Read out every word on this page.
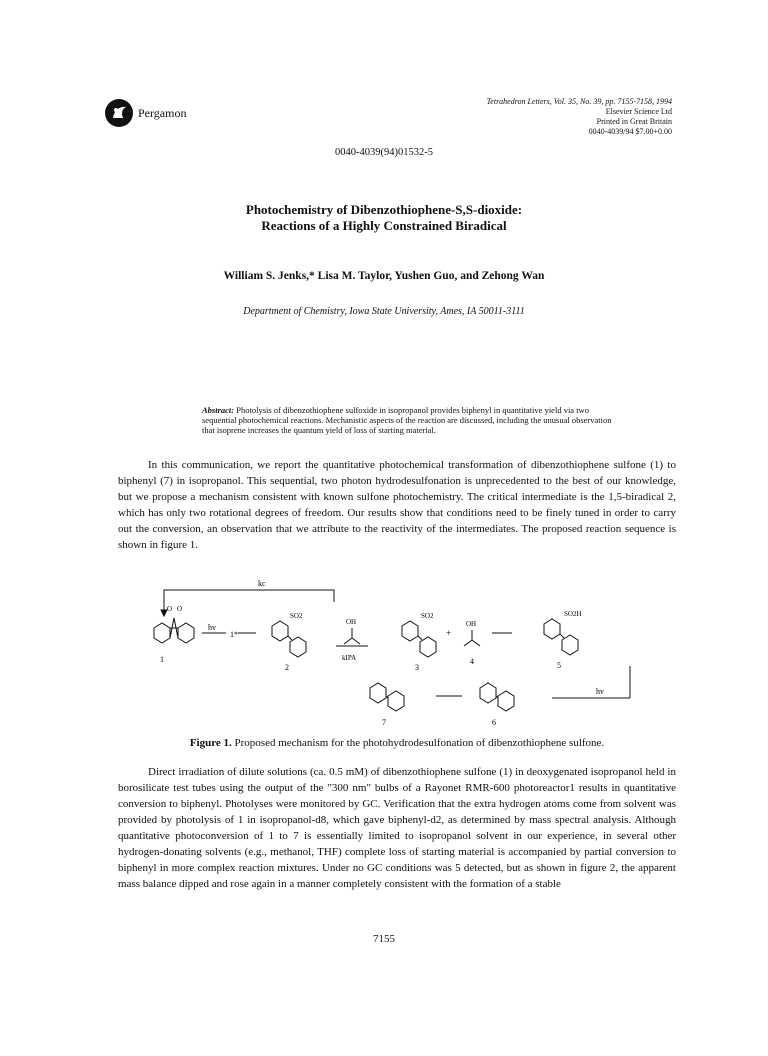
Pergamon
Tetrahedron Letters, Vol. 35, No. 39, pp. 7155-7158, 1994
Elsevier Science Ltd
Printed in Great Britain
0040-4039/94 $7.00+0.00
0040-4039(94)01532-5
Photochemistry of Dibenzothiophene-S,S-dioxide:
Reactions of a Highly Constrained Biradical
William S. Jenks,* Lisa M. Taylor, Yushen Guo, and Zehong Wan
Department of Chemistry, Iowa State University, Ames, IA 50011-3111
Abstract: Photolysis of dibenzothiophene sulfoxide in isopropanol provides biphenyl in quantitative yield via two sequential photochemical reactions. Mechanistic aspects of the reaction are discussed, including the unusual observation that isoprene increases the quantum yield of loss of starting material.
In this communication, we report the quantitative photochemical transformation of dibenzothiophene sulfone (1) to biphenyl (7) in isopropanol. This sequential, two photon hydrodesulfonation is unprecedented to the best of our knowledge, but we propose a mechanism consistent with known sulfone photochemistry. The critical intermediate is the 1,5-biradical 2, which has only two rotational degrees of freedom. Our results show that conditions need to be finely tuned in order to carry out the conversion, an observation that we attribute to the reactivity of the intermediates. The proposed reaction sequence is shown in figure 1.
kc
O O
hv
1*
SO2
OH
kIPA
SO2
+
OH
SO2H
hv
1
2	3
4	5
6
7
Figure 1. Proposed mechanism for the photohydrodesulfonation of dibenzothiophene sulfone.
Direct irradiation of dilute solutions (ca. 0.5 mM) of dibenzothiophene sulfone (1) in deoxygenated isopropanol held in borosilicate test tubes using the output of the "300 nm" bulbs of a Rayonet RMR-600 photoreactor1 results in quantitative conversion to biphenyl. Photolyses were monitored by GC. Verification that the extra hydrogen atoms come from solvent was provided by photolysis of 1 in isopropanol-d8, which gave biphenyl-d2, as determined by mass spectral analysis. Although quantitative photoconversion of 1 to 7 is essentially limited to isopropanol solvent in our experience, in several other hydrogen-donating solvents (e.g., methanol, THF) complete loss of starting material is accompanied by partial conversion to biphenyl in more complex reaction mixtures. Under no GC conditions was 5 detected, but as shown in figure 2, the apparent mass balance dipped and rose again in a manner completely consistent with the formation of a stable
7155
